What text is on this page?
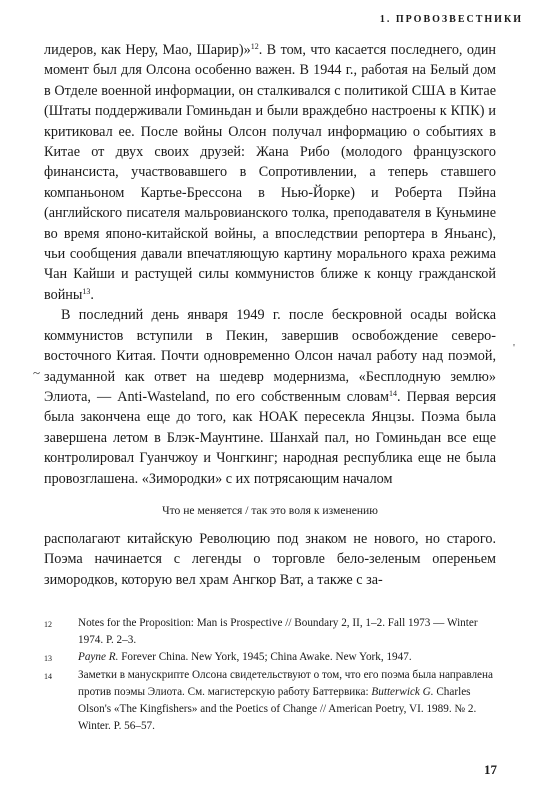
1. ПРОВОЗВЕСТНИКИ
'
~

лидеров, как Неру, Мао, Шарир)»$^{12}$. В том, что касается последнего, один момент был для Олсона особенно важен. В 1944 г., работая на Белый дом в Отделе военной информации, он сталкивался с политикой США в Китае (Штаты поддерживали Гоминьдан и были враждебно настроены к КПК) и критиковал ее. После войны Олсон получал информацию о событиях в Китае от двух своих друзей: Жана Рибо (молодого французского финансиста, участвовавшего в Сопротивлении, а теперь ставшего компаньоном Картье-Брессона в Нью-Йорке) и Роберта Пэйна (английского писателя мальровианского толка, преподавателя в Куньмине во время японо-китайской войны, а впоследствии репортера в Яньанс), чьи сообщения давали впечатляющую картину морального краха режима Чан Кайши и растущей силы коммунистов ближе к концу гражданской войны$^{13}$.

В последний день января 1949 г. после бескровной осады войска коммунистов вступили в Пекин, завершив освобождение северо-восточного Китая. Почти одновременно Олсон начал работу над поэмой, задуманной как ответ на шедевр модернизма, «Бесплодную землю» Элиота, — Anti-Wasteland, по его собственным словам$^{14}$. Первая версия была закончена еще до того, как НОАК пересекла Янцзы. Поэма была завершена летом в Блэк-Маунтине. Шанхай пал, но Гоминьдан все еще контролировал Гуанчжоу и Чонгкинг; народная республика еще не была провозглашена. «Зимородки» с их потрясающим началом

Что не меняется / так это воля к изменению

располагают китайскую Революцию под знаком не нового, но старого. Поэма начинается с легенды о торговле бело-зеленым опереньем зимородков, которую вел храм Ангкор Ват, а также с за-

12	Notes for the Proposition: Man is Prospective // Boundary 2, II, 1–2. Fall 1973 — Winter 1974. P. 2–3.
13	Payne R. Forever China. New York, 1945; China Awake. New York, 1947.
14	Заметки в манускрипте Олсона свидетельствуют о том, что его поэма была направлена против поэмы Элиота. См. магистерскую работу Баттервика: Butterwick G. Charles Olson's «The Kingfishers» and the Poetics of Change // American Poetry, VI. 1989. № 2. Winter. P. 56–57.
17
